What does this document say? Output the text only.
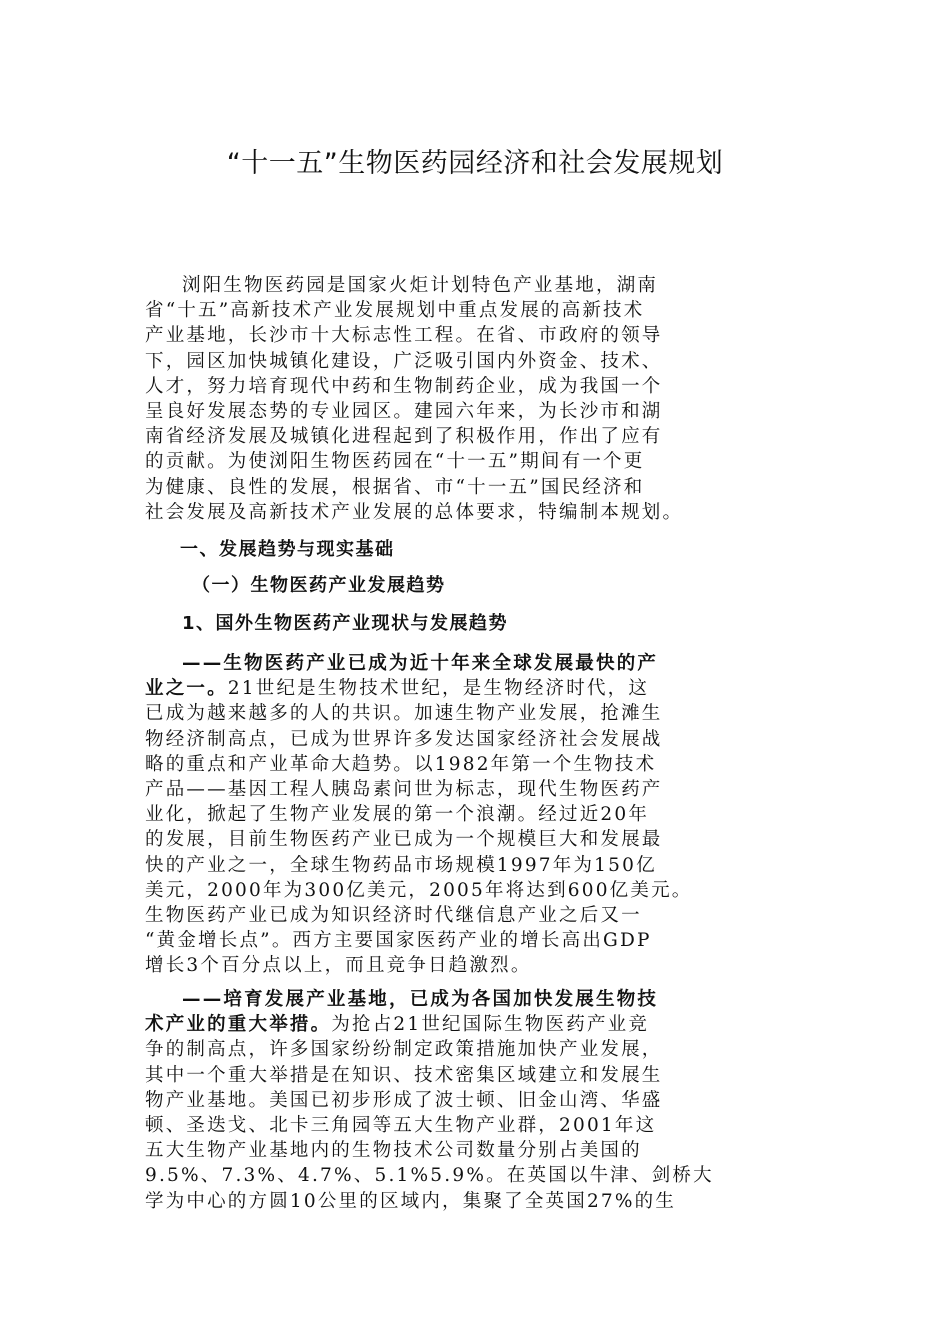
“十一五”生物医药园经济和社会发展规划
浏阳生物医药园是国家火炬计划特色产业基地，湖南
省“十五”高新技术产业发展规划中重点发展的高新技术
产业基地，长沙市十大标志性工程。在省、市政府的领导
下，园区加快城镇化建设，广泛吸引国内外资金、技术、
人才，努力培育现代中药和生物制药企业，成为我国一个
呈良好发展态势的专业园区。建园六年来，为长沙市和湖
南省经济发展及城镇化进程起到了积极作用，作出了应有
的贡献。为使浏阳生物医药园在“十一五”期间有一个更
为健康、良性的发展，根据省、市“十一五”国民经济和
社会发展及高新技术产业发展的总体要求，特编制本规划。
一、发展趋势与现实基础
（一）生物医药产业发展趋势
1、国外生物医药产业现状与发展趋势
——生物医药产业已成为近十年来全球发展最快的产
业之一。21世纪是生物技术世纪，是生物经济时代，这
已成为越来越多的人的共识。加速生物产业发展，抢滩生
物经济制高点，已成为世界许多发达国家经济社会发展战
略的重点和产业革命大趋势。以1982年第一个生物技术
产品——基因工程人胰岛素问世为标志，现代生物医药产
业化，掀起了生物产业发展的第一个浪潮。经过近20年
的发展，目前生物医药产业已成为一个规模巨大和发展最
快的产业之一，全球生物药品市场规模1997年为150亿
美元，2000年为300亿美元，2005年将达到600亿美元。
生物医药产业已成为知识经济时代继信息产业之后又一
“黄金增长点”。西方主要国家医药产业的增长高出GDP
增长3个百分点以上，而且竞争日趋激烈。
——培育发展产业基地，已成为各国加快发展生物技
术产业的重大举措。为抢占21世纪国际生物医药产业竞
争的制高点，许多国家纷纷制定政策措施加快产业发展，
其中一个重大举措是在知识、技术密集区域建立和发展生
物产业基地。美国已初步形成了波士顿、旧金山湾、华盛
顿、圣迭戈、北卡三角园等五大生物产业群，2001年这
五大生物产业基地内的生物技术公司数量分别占美国的
9.5%、7.3%、4.7%、5.1%5.9%。在英国以牛津、剑桥大
学为中心的方圆10公里的区域内，集聚了全英国27%的生
